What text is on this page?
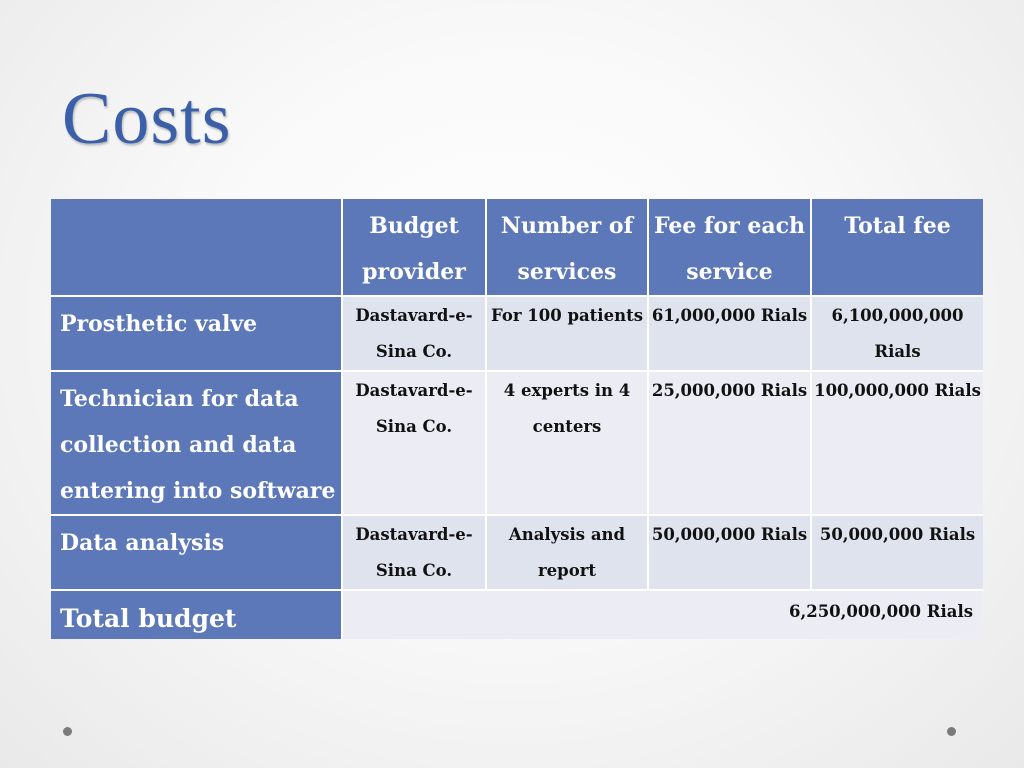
Costs
	Budget provider	Number of services	Fee for each service	Total fee
Prosthetic valve	Dastavard-e-Sina Co.	For 100 patients	61,000,000 Rials	6,100,000,000 Rials
Technician for data collection and data entering into software	Dastavard-e-Sina Co.	4 experts in 4 centers	25,000,000 Rials	100,000,000 Rials
Data analysis	Dastavard-e-Sina Co.	Analysis and report	50,000,000 Rials	50,000,000 Rials
Total budget	6,250,000,000 Rials			
